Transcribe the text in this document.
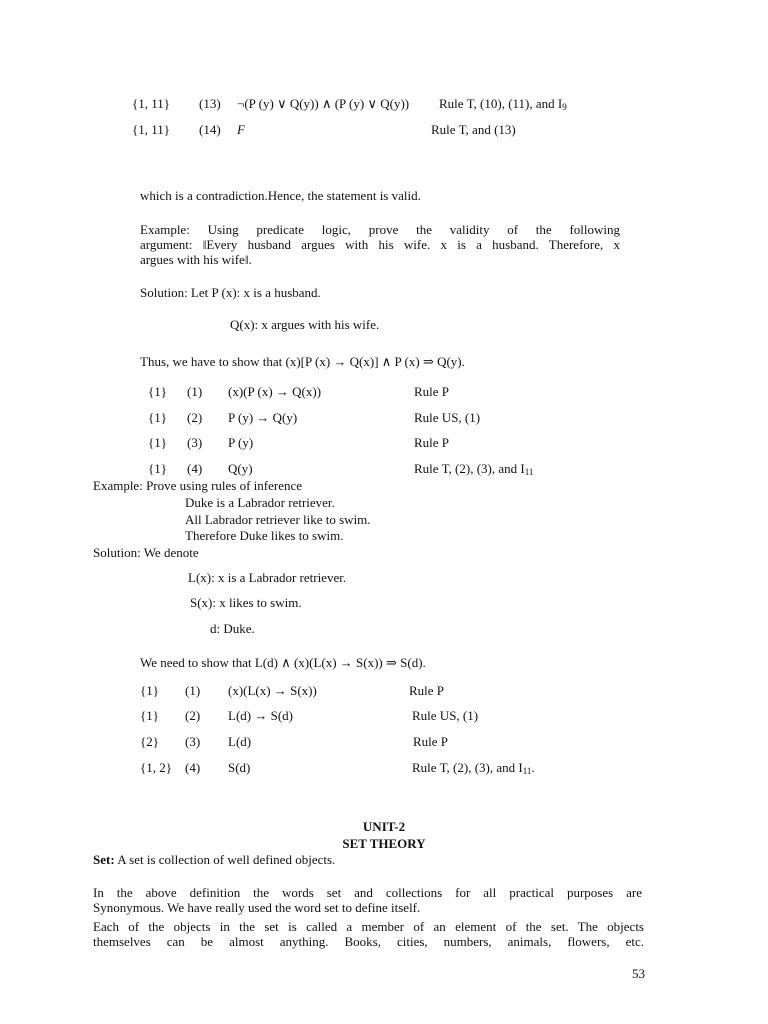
{1, 11} (13) ¬(P (y) ∨ Q(y)) ∧ (P (y) ∨ Q(y)) Rule T, (10), (11), and $I_9$
{1, 11} (14) F	Rule T, and (13)
which is a contradiction.Hence, the statement is valid.
Example: Using predicate logic, prove the validity of the following
argument: ‖Every husband argues with his wife. x is a husband. Therefore, x
argues with his wife‖.
Solution: Let P (x): x is a husband.
Q(x): x argues with his wife.
Thus, we have to show that (x)[P (x) → Q(x)] ∧ P (x) ⇒ Q(y).
{1} (1) (x)(P (x) → Q(x))	Rule P
{1} (2) P (y) → Q(y)	Rule US, (1)
{1} (3) P (y)	Rule P
{1} (4) Q(y)	Rule T, (2), (3), and $I_{11}$
Example: Prove using rules of inference
Duke is a Labrador retriever.
All Labrador retriever like to swim.
Therefore Duke likes to swim.
Solution: We denote
L(x): x is a Labrador retriever.
S(x): x likes to swim.
d: Duke.
We need to show that L(d) ∧ (x)(L(x) → S(x)) ⇒ S(d).
{1} (1) (x)(L(x) → S(x))	Rule P
{1} (2) L(d) → S(d)	Rule US, (1)
{2} (3) L(d)	Rule P
{1, 2} (4) S(d)	Rule T, (2), (3), and $I_{11}$.
UNIT-2
SET THEORY
Set: A set is collection of well defined objects.
In the above definition the words set and collections for all practical purposes are
Synonymous. We have really used the word set to define itself.
Each of the objects in the set is called a member of an element of the set. The objects
themselves can be almost anything. Books, cities, numbers, animals, flowers, etc.
53
